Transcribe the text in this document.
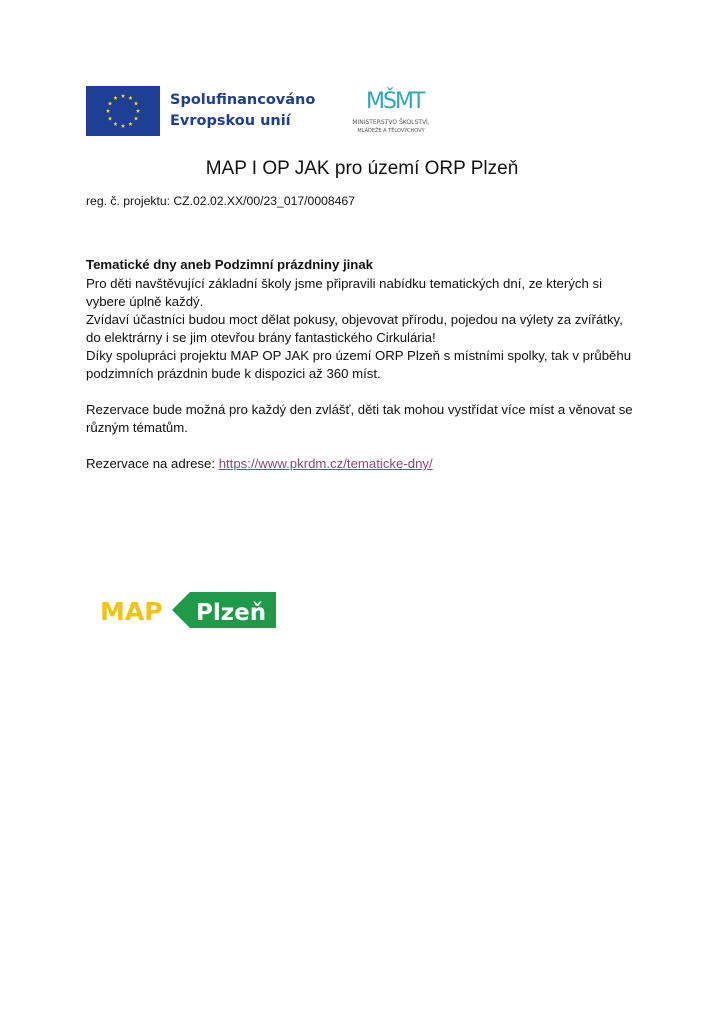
Spolufinancováno
Evropskou unií
MŠMT
MINISTERSTVO ŠKOLSTVÍ,
MLÁDEŽE A TĚLOVÝCHOVY
MAP I OP JAK pro území ORP Plzeň
reg. č. projektu: CZ.02.02.XX/00/23_017/0008467
Tematické dny aneb Podzimní prázdniny jinak

Pro děti navštěvující základní školy jsme připravili nabídku tematických dní, ze kterých si

vybere úplně každý.

Zvídaví účastníci budou moct dělat pokusy, objevovat přírodu, pojedou na výlety za zvířátky,

do elektrárny i se jim otevřou brány fantastického Cirkulária!

Díky spolupráci projektu MAP OP JAK pro území ORP Plzeň s místními spolky, tak v průběhu

podzimních prázdnin bude k dispozici až 360 míst.

Rezervace bude možná pro každý den zvlášť, děti tak mohou vystřídat více míst a věnovat se

různým tématům.

Rezervace na adrese: https://www.pkrdm.cz/tematicke-dny/

MAP Plzeň
